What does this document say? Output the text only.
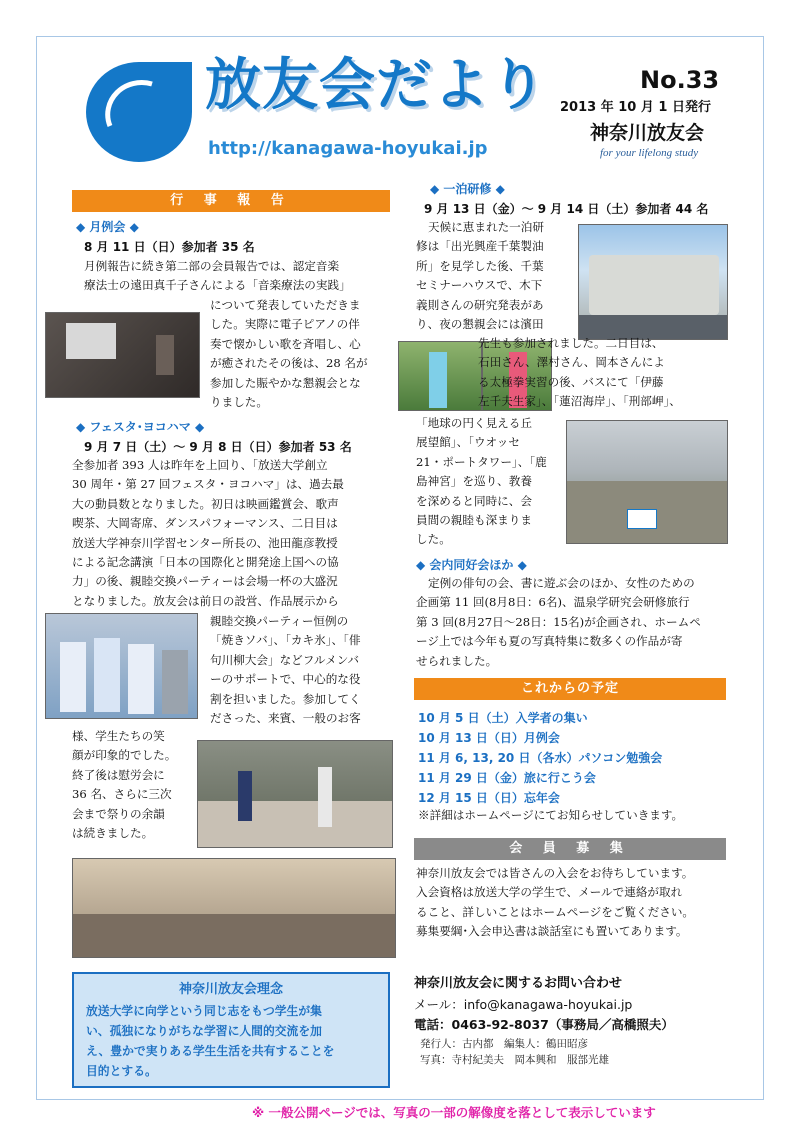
放友会だより
http://kanagawa-hoyukai.jp
No.33
2013 年 10 月 1 日発行
神奈川放友会
for your lifelong study
行 事 報 告
◆ 月例会 ◆
8 月 11 日（日）参加者 35 名
月例報告に続き第二部の会員報告では、認定音楽
療法士の遠田真千子さんによる「音楽療法の実践」
について発表していただきま
した。実際に電子ピアノの伴
奏で懐かしい歌を斉唱し、心
が癒されたその後は、28 名が
参加した賑やかな懇親会とな
りました。
◆ フェスタ･ヨコハマ ◆
9 月 7 日（土）～ 9 月 8 日（日）参加者 53 名
全参加者 393 人は昨年を上回り、「放送大学創立
30 周年・第 27 回フェスタ・ヨコハマ」は、過去最
大の動員数となりました。初日は映画鑑賞会、歌声
喫茶、大岡寄席、ダンスパフォーマンス、二日目は
放送大学神奈川学習センター所長の、池田龍彦教授
による記念講演「日本の国際化と開発途上国への協
力」の後、親睦交換パーティーは会場一杯の大盛況
となりました。放友会は前日の設営、作品展示から
親睦交換パーティー恒例の
「焼きソバ」、「カキ氷」、「俳
句川柳大会」などフルメンバ
ーのサポートで、中心的な役
割を担いました。参加してく
ださった、来賓、一般のお客
様、学生たちの笑
顔が印象的でした。
終了後は慰労会に
36 名、さらに三次
会まで祭りの余韻
は続きました。
◆ 一泊研修 ◆
9 月 13 日（金）～ 9 月 14 日（土）参加者 44 名
天候に恵まれた一泊研
修は「出光興産千葉製油
所」を見学した後、千葉
セミナーハウスで、木下
義則さんの研究発表があ
り、夜の懇親会には濱田
先生も参加されました。二日目は、
石田さん、澤村さん、岡本さんによ
る太極拳実習の後、バスにて「伊藤
左千夫生家」、「蓮沼海岸」、「刑部岬」、
「地球の円く見える丘
展望館」、「ウオッセ
21・ポートタワー」、「鹿
島神宮」を巡り、教養
を深めると同時に、会
員間の親睦も深まりま
した。
◆ 会内同好会ほか ◆
定例の俳句の会、書に遊ぶ会のほか、女性のための
企画第 11 回(8月8日：6名)、温泉学研究会研修旅行
第 3 回(8月27日～28日：15名)が企画され、ホームペ
ージ上では今年も夏の写真特集に数多くの作品が寄
せられました。
これからの予定
10 月 5 日（土）入学者の集い
10 月 13 日（日）月例会
11 月 6, 13, 20 日（各水）パソコン勉強会
11 月 29 日（金）旅に行こう会
12 月 15 日（日）忘年会
※詳細はホームページにてお知らせしていきます。
会 員 募 集
神奈川放友会では皆さんの入会をお待ちしています。
入会資格は放送大学の学生で、メールで連絡が取れ
ること、詳しいことはホームページをご覧ください。
募集要綱･入会申込書は談話室にも置いてあります。
神奈川放友会理念
放送大学に向学という同じ志をもつ学生が集
い、孤独になりがちな学習に人間的交流を加
え、豊かで実りある学生生活を共有することを
目的とする。
神奈川放友会に関するお問い合わせ
メール：info@kanagawa-hoyukai.jp
電話：0463-92-8037（事務局／高橋照夫）
発行人：古内都　編集人：鶴田昭彦
写真：寺村紀美夫　岡本興和　服部光雄
※ 一般公開ページでは、写真の一部の解像度を落として表示しています
